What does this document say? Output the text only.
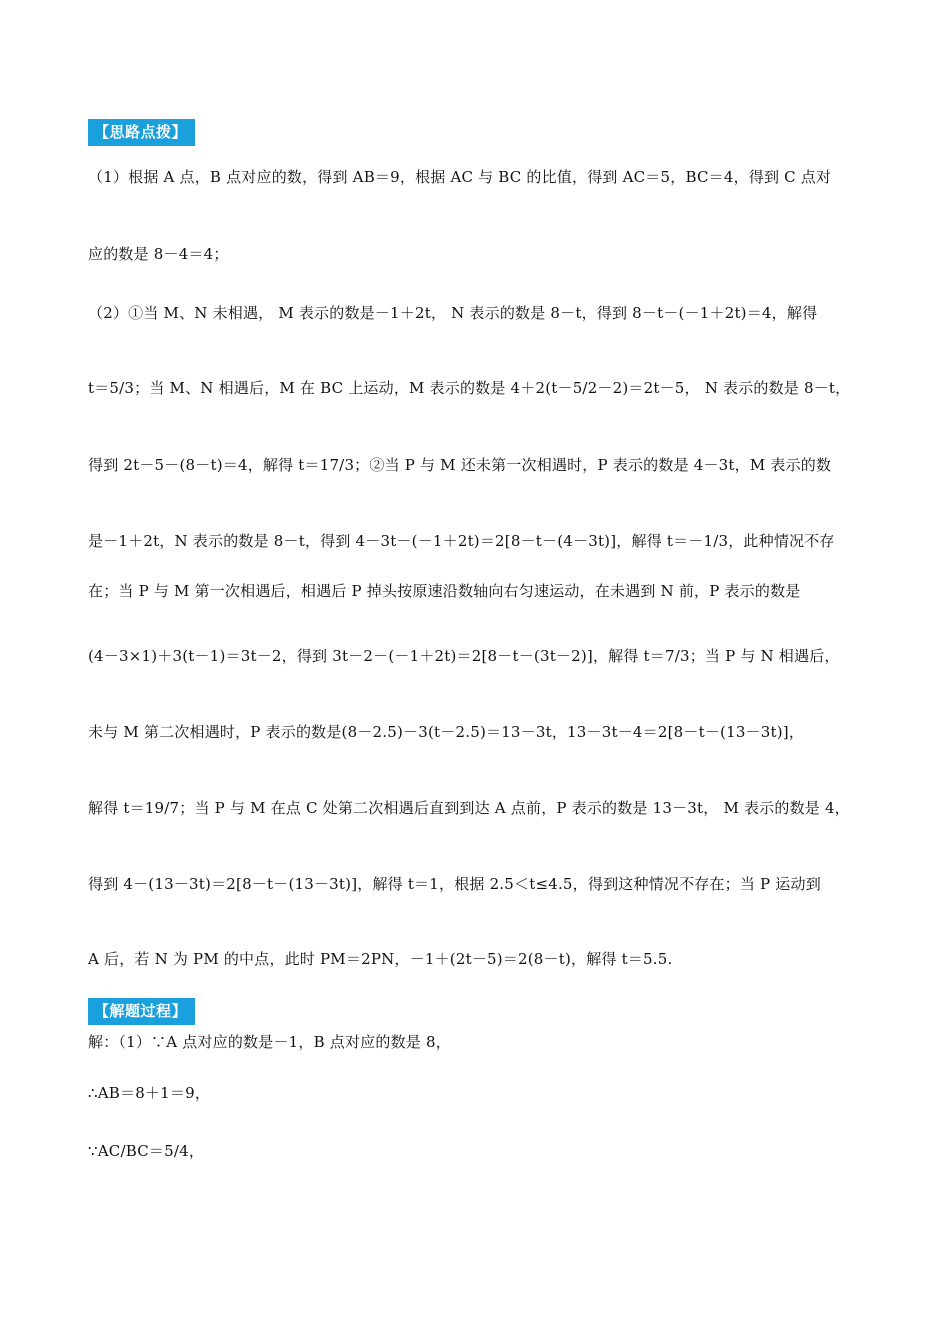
【思路点拨】
（1）根据 A 点，B 点对应的数，得到 AB＝9，根据 AC 与 BC 的比值，得到 AC＝5，BC＝4，得到 C 点对
应的数是 8－4＝4；
（2）①当 M、N 未相遇， M 表示的数是－1＋2t， N 表示的数是 8－t，得到 8－t－(－1＋2t)＝4，解得
t＝5/3；当 M、N 相遇后，M 在 BC 上运动，M 表示的数是 4＋2(t－5/2－2)＝2t－5， N 表示的数是 8－t，
得到 2t－5－(8－t)＝4，解得 t＝17/3；②当 P 与 M 还未第一次相遇时，P 表示的数是 4－3t，M 表示的数
是－1＋2t，N 表示的数是 8－t，得到 4－3t－(－1＋2t)＝2[8－t－(4－3t)]，解得 t＝－1/3，此种情况不存
在；当 P 与 M 第一次相遇后，相遇后 P 掉头按原速沿数轴向右匀速运动，在未遇到 N 前，P 表示的数是
(4－3×1)＋3(t－1)＝3t－2，得到 3t－2－(－1＋2t)＝2[8－t－(3t－2)]，解得 t＝7/3；当 P 与 N 相遇后，
未与 M 第二次相遇时，P 表示的数是(8－2.5)－3(t－2.5)＝13－3t，13－3t－4＝2[8－t－(13－3t)]，
解得 t＝19/7；当 P 与 M 在点 C 处第二次相遇后直到到达 A 点前，P 表示的数是 13－3t， M 表示的数是 4，
得到 4－(13－3t)＝2[8－t－(13－3t)]，解得 t＝1，根据 2.5＜t≤4.5，得到这种情况不存在；当 P 运动到
A 后，若 N 为 PM 的中点，此时 PM＝2PN，－1＋(2t－5)＝2(8－t)，解得 t＝5.5.
【解题过程】
解：（1）∵A 点对应的数是－1，B 点对应的数是 8，
∴AB＝8＋1＝9，
∵AC/BC＝5/4，
